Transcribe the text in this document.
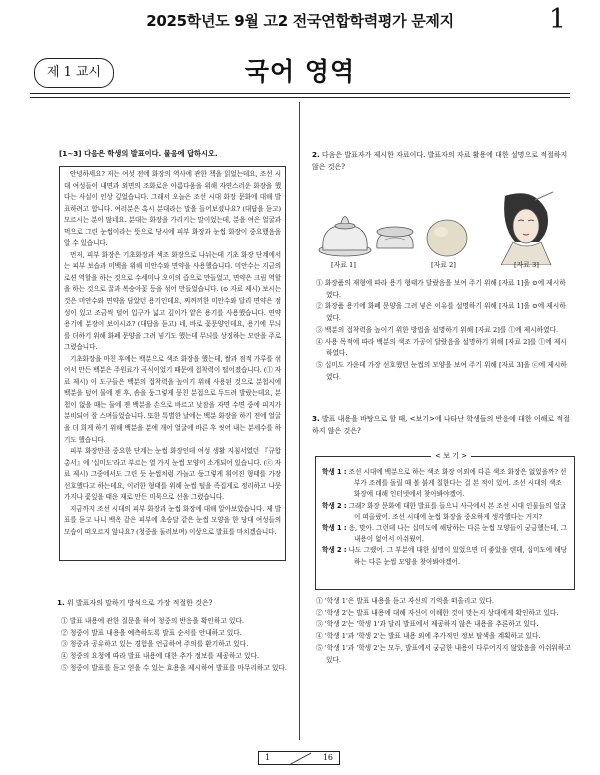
2025학년도 9월 고2 전국연합학력평가 문제지	1
제 1 교시	국어 영역
[1∼3] 다음은 학생의 발표이다. 물음에 답하시오.

안녕하세요? 저는 여섯 전에 화장의 역사에 관한 책을 읽었는데요, 조선 시대 여성들이 내면과 외면의 조화로운 아름다움을 위해 자연스러운 화장을 했다는 사실이 인상 깊었습니다. 그래서 오늘은 조선 시대 화장 문화에 대해 발표하려고 합니다. 여러분은 혹시 분대라는 말을 들어보셨나요? (대답을 듣고) 모르시는 분이 많네요. 분대는 화장을 가리키는 말이었는데, 분을 여은 얼굴과 먹으로 그린 눈썹이라는 뜻으로 당시에 피부 화장과 눈썹 화장이 중요했음을 알 수 있습니다.

먼저, 피부 화장은 기초화장과 색조 화장으로 나뉘는데 기초 화장 단계에서는 피부 보습과 미백을 위해 미안수와 면약을 사용했습니다. 미안수는 지금의 로션 역할을 하는 것으로 수세미나 오이의 즙으로 만들었고, 면약은 크림 역할을 하는 것으로 꿀과 복숭아꽃 등을 섞어 만들었습니다. (⊙ 자료 제시) 보시는 것은 미안수와 면약을 담았던 용기인데요, 찌꺼끼한 미안수와 달리 면약은 점성이 있고 조금씩 덜어 입구가 넓고 깊이가 얕은 용기를 사용했습니다. 연약 용기에 분장이 보이시죠? (대답을 듣고) 네, 바로 꽃문양인데요, 용기에 무늬를 더하기 위해 화폐 문양을 그려 넣기도 했는데 무늬를 상징하는 모란을 주로 그렸습니다.

기초화장을 마친 후에는 백분으로 색조 화장을 했는데, 쌀과 점적 가루를 섞어서 만든 백분은 주원료가 곡식이었기 때문에 접착력이 떨어졌습니다. (ⓛ 자료 제시) 이 도구들은 백분의 접착력을 높이기 위해 사용된 것으로 분첩시에 백분을 덮어 물에 젠 후, 솜을 둥그렇게 뭉친 분접으로 두드려 발랐는데요, 분첩이 없을 때는 둘에 젠 백분을 손으로 바르고 낮잠을 자면 수면 중에 피지가 분비되어 잘 스며들었습니다. 또한 특별한 날에는 백분 화장을 하기 전에 얼굴을 더 희게 하기 위해 백분을 분에 개어 얼굴에 바른 후 씻어 내는 분세수를 하기도 했습니다.

피부 화장만큼 중요한 단계는 눈썹 화장인데 여성 생활 지침서였던 『규합총서』에 '십미도'라고 부르는 열 가지 눈썹 모양이 소개되어 있습니다. (ⓒ 자료 제시) 그중에서도 그린 듯 눈썹처럼 가늘고 둥그렇게 휘어진 형태를 가장 선호했다고 하는데요, 이러한 형태를 위해 눈썹 털을 족집게로 정리하고 나뭇가지나 꽃잎을 태운 재로 만든 미묵으로 선을 그렸습니다.

지금까지 조선 시대의 피부 화장과 눈썹 화장에 대해 알아보았습니다. 제 발표를 듣고 나니 백옥 같은 피부에 초승달 같은 눈썹 모양을 한 당대 여성들의 모습이 떠오르지 않나요? (청중을 둘러보며) 이상으로 발표를 마치겠습니다.

1. 위 발표자의 말하기 방식으로 가장 적절한 것은?
① 발표 내용에 관한 질문을 하여 청중의 반응을 확인하고 있다.
② 청중이 발표 내용을 예측하도록 발표 순서를 안내하고 있다.
③ 청중과 공유하고 있는 경험을 언급하여 주의를 환기하고 있다.
④ 청중의 요청에 따라 발표 내용에 대한 추가 정보를 제공하고 있다.
⑤ 청중이 발표를 듣고 얻을 수 있는 효용을 제시하여 발표를 마무리하고 있다.
2. 다음은 발표자가 제시한 자료이다. 발표자의 자료 활용에 대한 설명으로 적절하지 않은 것은?
[자료 1]	[자료 2]	[자료 3]
① 화장품의 재형에 따라 용기 형태가 달랐음을 보여 주기 위해 [자료 1]을 ⊙에 제시하였다.
② 화장품 용기에 화폐 문양을 그려 넣은 이유를 설명하기 위해 [자료 1]을 ⊙에 제시하였다.
③ 백분의 접착력을 높이기 위한 방법을 설명하기 위해 [자료 2]를 ⓛ에 제시하였다.
④ 사용 목적에 따라 백분의 색조 가공이 달랐음을 설명하기 위해 [자료 2]를 ⓛ에 제시하였다.
⑤ 십미도 가운데 가장 선호했던 눈썹의 모양을 보여 주기 위해 [자료 3]을 ⓒ에 제시하였다.
3. 발표 내용을 바탕으로 할 때, <보기>에 나타난 학생들의 반응에 대한 이해로 적절하지 않은 것은?
< 보 기 >
학생 1 : 조선 시대에 백분으로 하는 색조 화장 이외에 다른 색조 화장은 없었을까? 선부가 조례를 돌릴 때 볼 붉게 칠한다는 걸 본 적이 있어. 조선 시대의 색조 화장에 대해 인터넷에서 찾아봐야겠어.
학생 2 : 그래? 화장 문화에 대한 발표를 들으니 사극에서 본 조선 시대 인물들의 얼굴이 떠올랐어. 조선 시대에 눈썹 화장을 중요하게 생각했다는 거지?
학생 1 : 응, 맞아. 그런데 나는 십미도에 해당하는 다른 눈썹 모양들이 궁금했는데, 그 내용이 없어서 아쉬웠어.
학생 2 : 나도 그랬어. 그 부분에 대한 설명이 있었으면 더 좋았을 텐데, 십미도에 해당하는 다른 눈썹 모양을 찾아봐야겠어.
① '학생 1'은 발표 내용을 듣고 자신의 기억을 떠올리고 있다.
② '학생 2'는 발표 내용에 대해 자신이 이해한 것이 맞는지 상대에게 확인하고 있다.
③ '학생 2'는 '학생 1'과 달리 발표에서 제공하지 않은 내용을 추론하고 있다.
④ '학생 1'과 '학생 2'는 발표 내용 외에 추가적인 정보 탐색을 계획하고 있다.
⑤ '학생 1'과 '학생 2'는 모두, 발표에서 궁금한 내용이 다루어지지 않았음을 아쉬워하고 있다.
1	16
